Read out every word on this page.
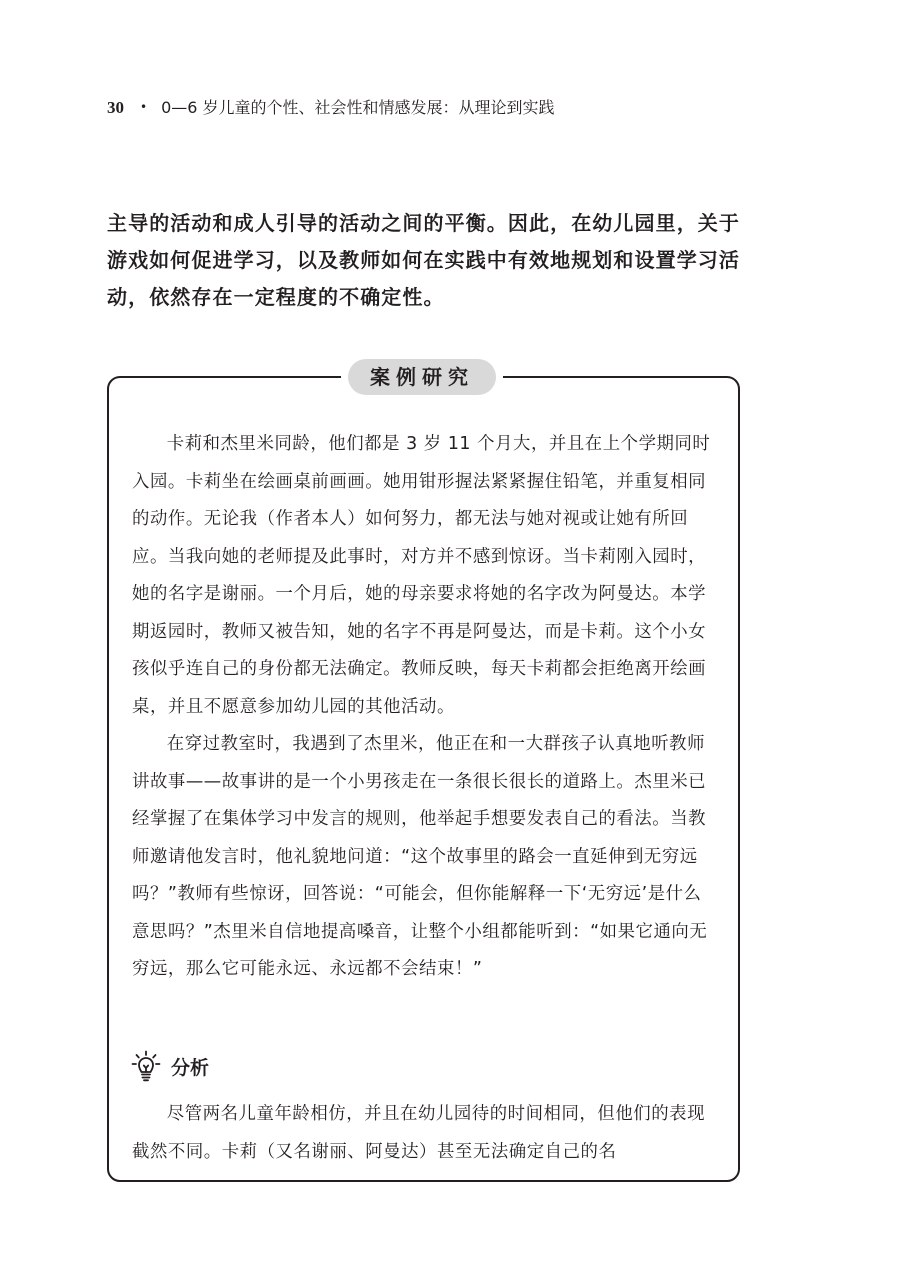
30 • 0—6 岁儿童的个性、社会性和情感发展：从理论到实践

主导的活动和成人引导的活动之间的平衡。因此，在幼儿园里，关于游戏如何促进学习，以及教师如何在实践中有效地规划和设置学习活动，依然存在一定程度的不确定性。

案例研究

卡莉和杰里米同龄，他们都是 3 岁 11 个月大，并且在上个学期同时入园。卡莉坐在绘画桌前画画。她用钳形握法紧紧握住铅笔，并重复相同的动作。无论我（作者本人）如何努力，都无法与她对视或让她有所回应。当我向她的老师提及此事时，对方并不感到惊讶。当卡莉刚入园时，她的名字是谢丽。一个月后，她的母亲要求将她的名字改为阿曼达。本学期返园时，教师又被告知，她的名字不再是阿曼达，而是卡莉。这个小女孩似乎连自己的身份都无法确定。教师反映，每天卡莉都会拒绝离开绘画桌，并且不愿意参加幼儿园的其他活动。

在穿过教室时，我遇到了杰里米，他正在和一大群孩子认真地听教师讲故事——故事讲的是一个小男孩走在一条很长很长的道路上。杰里米已经掌握了在集体学习中发言的规则，他举起手想要发表自己的看法。当教师邀请他发言时，他礼貌地问道：“这个故事里的路会一直延伸到无穷远吗？”教师有些惊讶，回答说：“可能会，但你能解释一下‘无穷远’是什么意思吗？”杰里米自信地提高嗓音，让整个小组都能听到：“如果它通向无穷远，那么它可能永远、永远都不会结束！”

分析

尽管两名儿童年龄相仿，并且在幼儿园待的时间相同，但他们的表现截然不同。卡莉（又名谢丽、阿曼达）甚至无法确定自己的名
